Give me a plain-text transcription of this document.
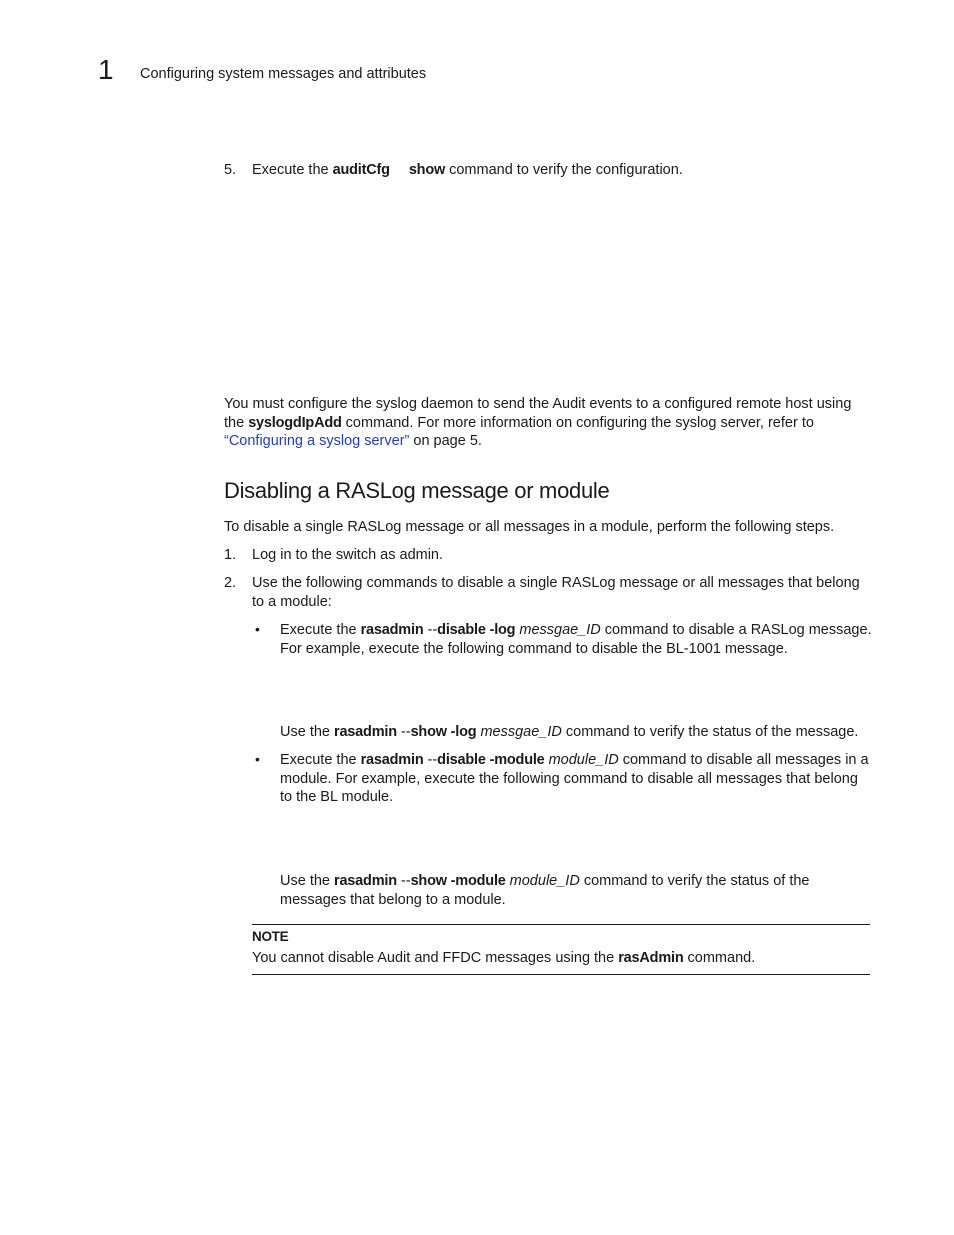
1 Configuring system messages and attributes
5. Execute the auditCfg show command to verify the configuration.
You must configure the syslog daemon to send the Audit events to a configured remote host using
the syslogdIpAdd command. For more information on configuring the syslog server, refer to
“Configuring a syslog server” on page 5.
Disabling a RASLog message or module
To disable a single RASLog message or all messages in a module, perform the following steps.
1. Log in to the switch as admin.
2. Use the following commands to disable a single RASLog message or all messages that belong
to a module:
• Execute the rasadmin --disable -log messgae_ID command to disable a RASLog message.
For example, execute the following command to disable the BL-1001 message.
Use the rasadmin --show -log messgae_ID command to verify the status of the message.
• Execute the rasadmin --disable -module module_ID command to disable all messages in a
module. For example, execute the following command to disable all messages that belong
to the BL module.
Use the rasadmin --show -module module_ID command to verify the status of the
messages that belong to a module.
NOTE
You cannot disable Audit and FFDC messages using the rasAdmin command.
